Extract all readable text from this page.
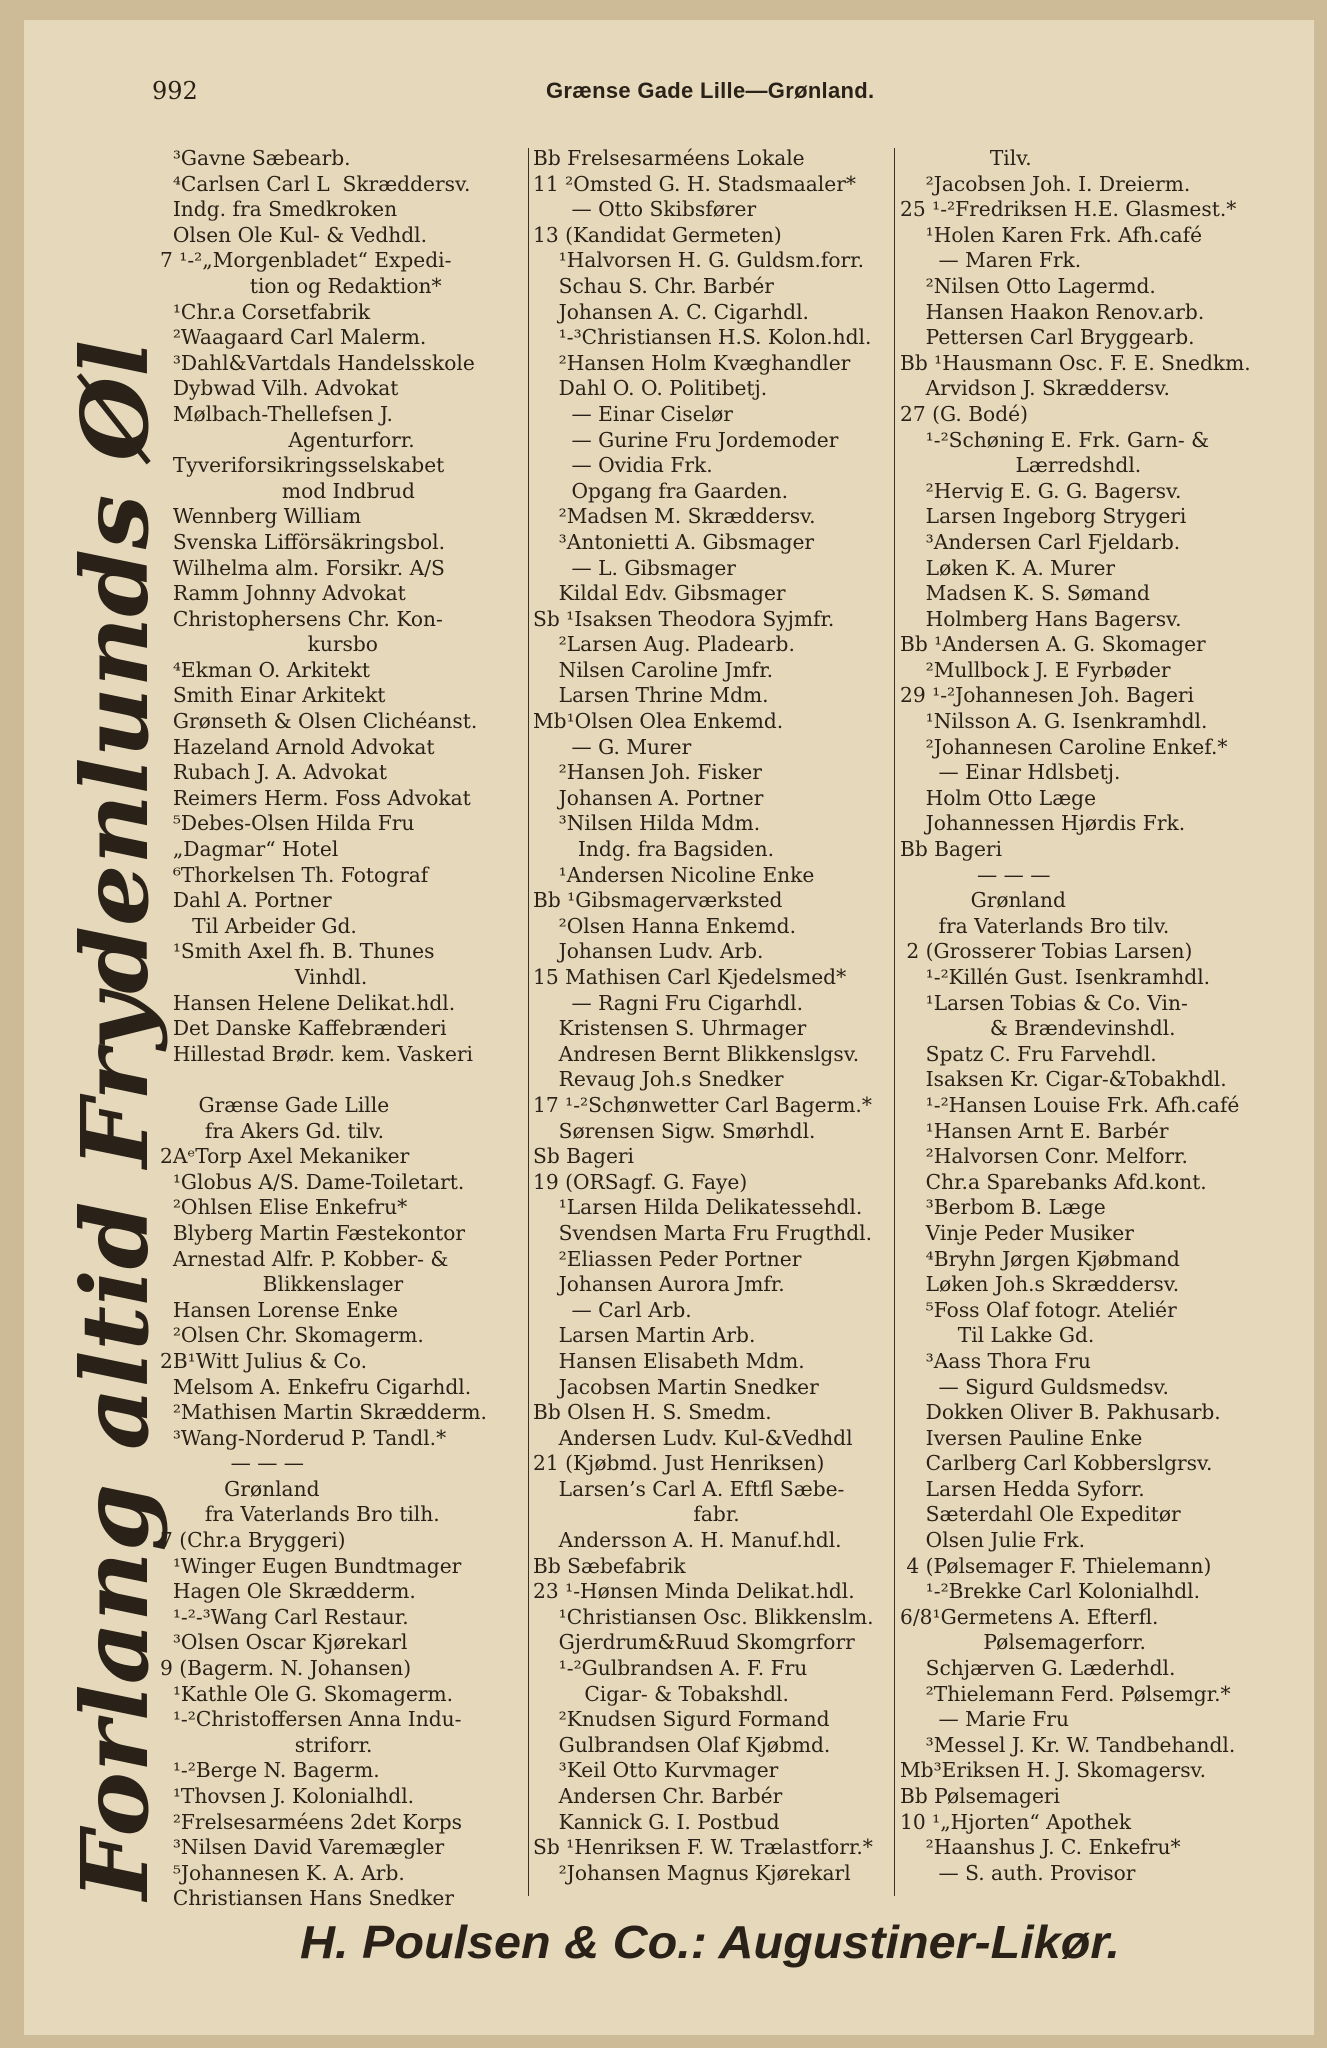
992	Grænse Gade Lille—Grønland.
³Gavne Sæbearb.
⁴Carlsen Carl L  Skræddersv.
Indg. fra Smedkroken
Olsen Ole Kul- & Vedhdl.
7 ¹-²„Morgenbladet“ Expedi-
tion og Redaktion*
¹Chr.a Corsetfabrik
²Waagaard Carl Malerm.
³Dahl&Vartdals Handelsskole
Dybwad Vilh. Advokat
Mølbach-Thellefsen J.
Agenturforr.
Tyveriforsikringsselskabet
mod Indbrud
Wennberg William
Svenska Lifförsäkringsbol.
Wilhelma alm. Forsikr. A/S
Ramm Johnny Advokat
Christophersens Chr. Kon-
kursbo
⁴Ekman O. Arkitekt
Smith Einar Arkitekt
Grønseth & Olsen Clichéanst.
Hazeland Arnold Advokat
Rubach J. A. Advokat
Reimers Herm. Foss Advokat
⁵Debes-Olsen Hilda Fru
„Dagmar“ Hotel
⁶Thorkelsen Th. Fotograf
Dahl A. Portner
Til Arbeider Gd.
¹Smith Axel fh. B. Thunes
Vinhdl.
Hansen Helene Delikat.hdl.
Det Danske Kaffebrænderi
Hillestad Brødr. kem. Vaskeri
Grænse Gade Lille
fra Akers Gd. tilv.
2AᵉTorp Axel Mekaniker
¹Globus A/S. Dame-Toiletart.
²Ohlsen Elise Enkefru*
Blyberg Martin Fæstekontor
Arnestad Alfr. P. Kobber- &
Blikkenslager
Hansen Lorense Enke
²Olsen Chr. Skomagerm.
2B¹Witt Julius & Co.
Melsom A. Enkefru Cigarhdl.
²Mathisen Martin Skrædderm.
³Wang-Norderud P. Tandl.*
— — —
Grønland
fra Vaterlands Bro tilh.
7 (Chr.a Bryggeri)
¹Winger Eugen Bundtmager
Hagen Ole Skrædderm.
¹-²-³Wang Carl Restaur.
³Olsen Oscar Kjørekarl
9 (Bagerm. N. Johansen)
¹Kathle Ole G. Skomagerm.
¹-²Christoffersen Anna Indu-
striforr.
¹-²Berge N. Bagerm.
¹Thovsen J. Kolonialhdl.
²Frelsesarméens 2det Korps
³Nilsen David Varemægler
⁵Johannesen K. A. Arb.
Christiansen Hans Snedker
Bb Frelsesarméens Lokale
11 ²Omsted G. H. Stadsmaaler*
— Otto Skibsfører
13 (Kandidat Germeten)
¹Halvorsen H. G. Guldsm.forr.
Schau S. Chr. Barbér
Johansen A. C. Cigarhdl.
¹-³Christiansen H.S. Kolon.hdl.
²Hansen Holm Kvæghandler
Dahl O. O. Politibetj.
— Einar Ciselør
— Gurine Fru Jordemoder
— Ovidia Frk.
Opgang fra Gaarden.
²Madsen M. Skræddersv.
³Antonietti A. Gibsmager
— L. Gibsmager
Kildal Edv. Gibsmager
Sb ¹Isaksen Theodora Syjmfr.
²Larsen Aug. Pladearb.
Nilsen Caroline Jmfr.
Larsen Thrine Mdm.
Mb¹Olsen Olea Enkemd.
— G. Murer
²Hansen Joh. Fisker
Johansen A. Portner
³Nilsen Hilda Mdm.
Indg. fra Bagsiden.
¹Andersen Nicoline Enke
Bb ¹Gibsmagerværksted
²Olsen Hanna Enkemd.
Johansen Ludv. Arb.
15 Mathisen Carl Kjedelsmed*
— Ragni Fru Cigarhdl.
Kristensen S. Uhrmager
Andresen Bernt Blikkenslgsv.
Revaug Joh.s Snedker
17 ¹-²Schønwetter Carl Bagerm.*
Sørensen Sigw. Smørhdl.
Sb Bageri
19 (ORSagf. G. Faye)
¹Larsen Hilda Delikatessehdl.
Svendsen Marta Fru Frugthdl.
²Eliassen Peder Portner
Johansen Aurora Jmfr.
— Carl Arb.
Larsen Martin Arb.
Hansen Elisabeth Mdm.
Jacobsen Martin Snedker
Bb Olsen H. S. Smedm.
Andersen Ludv. Kul-&Vedhdl
21 (Kjøbmd. Just Henriksen)
Larsen’s Carl A. Eftfl Sæbe-
fabr.
Andersson A. H. Manuf.hdl.
Bb Sæbefabrik
23 ¹-Hønsen Minda Delikat.hdl.
¹Christiansen Osc. Blikkenslm.
Gjerdrum&Ruud Skomgrforr
¹-²Gulbrandsen A. F. Fru
Cigar- & Tobakshdl.
²Knudsen Sigurd Formand
Gulbrandsen Olaf Kjøbmd.
³Keil Otto Kurvmager
Andersen Chr. Barbér
Kannick G. I. Postbud
Sb ¹Henriksen F. W. Trælastforr.*
²Johansen Magnus Kjørekarl
Tilv.
²Jacobsen Joh. I. Dreierm.
25 ¹-²Fredriksen H.E. Glasmest.*
¹Holen Karen Frk. Afh.café
— Maren Frk.
²Nilsen Otto Lagermd.
Hansen Haakon Renov.arb.
Pettersen Carl Bryggearb.
Bb ¹Hausmann Osc. F. E. Snedkm.
Arvidson J. Skræddersv.
27 (G. Bodé)
¹-²Schøning E. Frk. Garn- &
Lærredshdl.
²Hervig E. G. G. Bagersv.
Larsen Ingeborg Strygeri
³Andersen Carl Fjeldarb.
Løken K. A. Murer
Madsen K. S. Sømand
Holmberg Hans Bagersv.
Bb ¹Andersen A. G. Skomager
²Mullbock J. E Fyrbøder
29 ¹-²Johannesen Joh. Bageri
¹Nilsson A. G. Isenkramhdl.
²Johannesen Caroline Enkef.*
— Einar Hdlsbetj.
Holm Otto Læge
Johannessen Hjørdis Frk.
Bb Bageri
— — —
Grønland
fra Vaterlands Bro tilv.
2 (Grosserer Tobias Larsen)
¹-²Killén Gust. Isenkramhdl.
¹Larsen Tobias & Co. Vin-
& Brændevinshdl.
Spatz C. Fru Farvehdl.
Isaksen Kr. Cigar-&Tobakhdl.
¹-²Hansen Louise Frk. Afh.café
¹Hansen Arnt E. Barbér
²Halvorsen Conr. Melforr.
Chr.a Sparebanks Afd.kont.
³Berbom B. Læge
Vinje Peder Musiker
⁴Bryhn Jørgen Kjøbmand
Løken Joh.s Skræddersv.
⁵Foss Olaf fotogr. Ateliér
Til Lakke Gd.
³Aass Thora Fru
— Sigurd Guldsmedsv.
Dokken Oliver B. Pakhusarb.
Iversen Pauline Enke
Carlberg Carl Kobberslgrsv.
Larsen Hedda Syforr.
Sæterdahl Ole Expeditør
Olsen Julie Frk.
4 (Pølsemager F. Thielemann)
¹-²Brekke Carl Kolonialhdl.
6/8¹Germetens A. Efterfl.
Pølsemagerforr.
Schjærven G. Læderhdl.
²Thielemann Ferd. Pølsemgr.*
— Marie Fru
³Messel J. Kr. W. Tandbehandl.
Mb³Eriksen H. J. Skomagersv.
Bb Pølsemageri
10 ¹„Hjorten“ Apothek
²Haanshus J. C. Enkefru*
— S. auth. Provisor
Forlang altid Frydenlunds Øl
H. Poulsen & Co.: Augustiner-Likør.
